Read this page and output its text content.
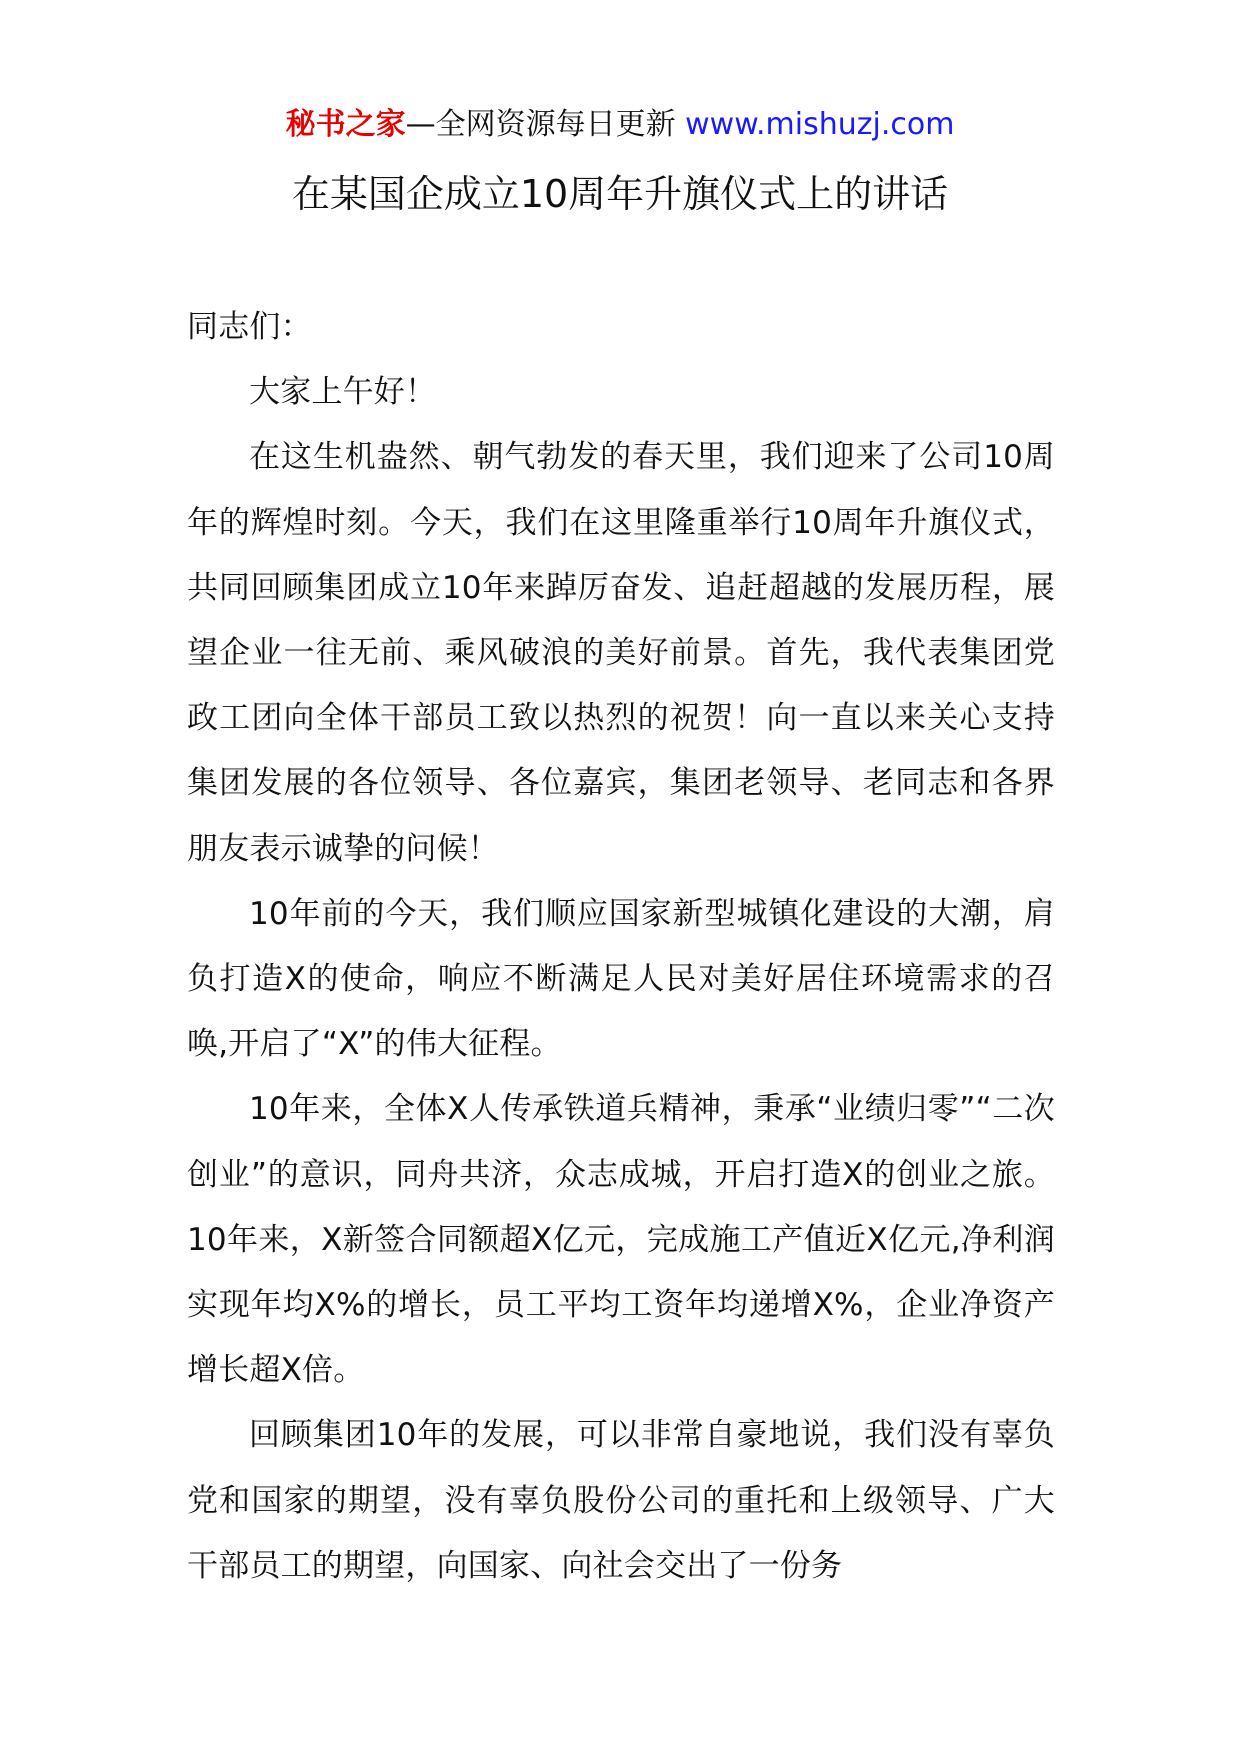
秘书之家—全网资源每日更新 www.mishuzj.com
在某国企成立10周年升旗仪式上的讲话

同志们：

大家上午好！

在这生机盎然、朝气勃发的春天里，我们迎来了公司10周年的辉煌时刻。今天，我们在这里隆重举行10周年升旗仪式，共同回顾集团成立10年来踔厉奋发、追赶超越的发展历程，展望企业一往无前、乘风破浪的美好前景。首先，我代表集团党政工团向全体干部员工致以热烈的祝贺！向一直以来关心支持集团发展的各位领导、各位嘉宾，集团老领导、老同志和各界朋友表示诚挚的问候！

10年前的今天，我们顺应国家新型城镇化建设的大潮，肩负打造X的使命，响应不断满足人民对美好居住环境需求的召唤,开启了“X”的伟大征程。

10年来，全体X人传承铁道兵精神，秉承“业绩归零”“二次创业”的意识，同舟共济，众志成城，开启打造X的创业之旅。10年来，X新签合同额超X亿元，完成施工产值近X亿元,净利润实现年均X%的增长，员工平均工资年均递增X%，企业净资产增长超X倍。

回顾集团10年的发展，可以非常自豪地说，我们没有辜负党和国家的期望，没有辜负股份公司的重托和上级领导、广大干部员工的期望，向国家、向社会交出了一份务
